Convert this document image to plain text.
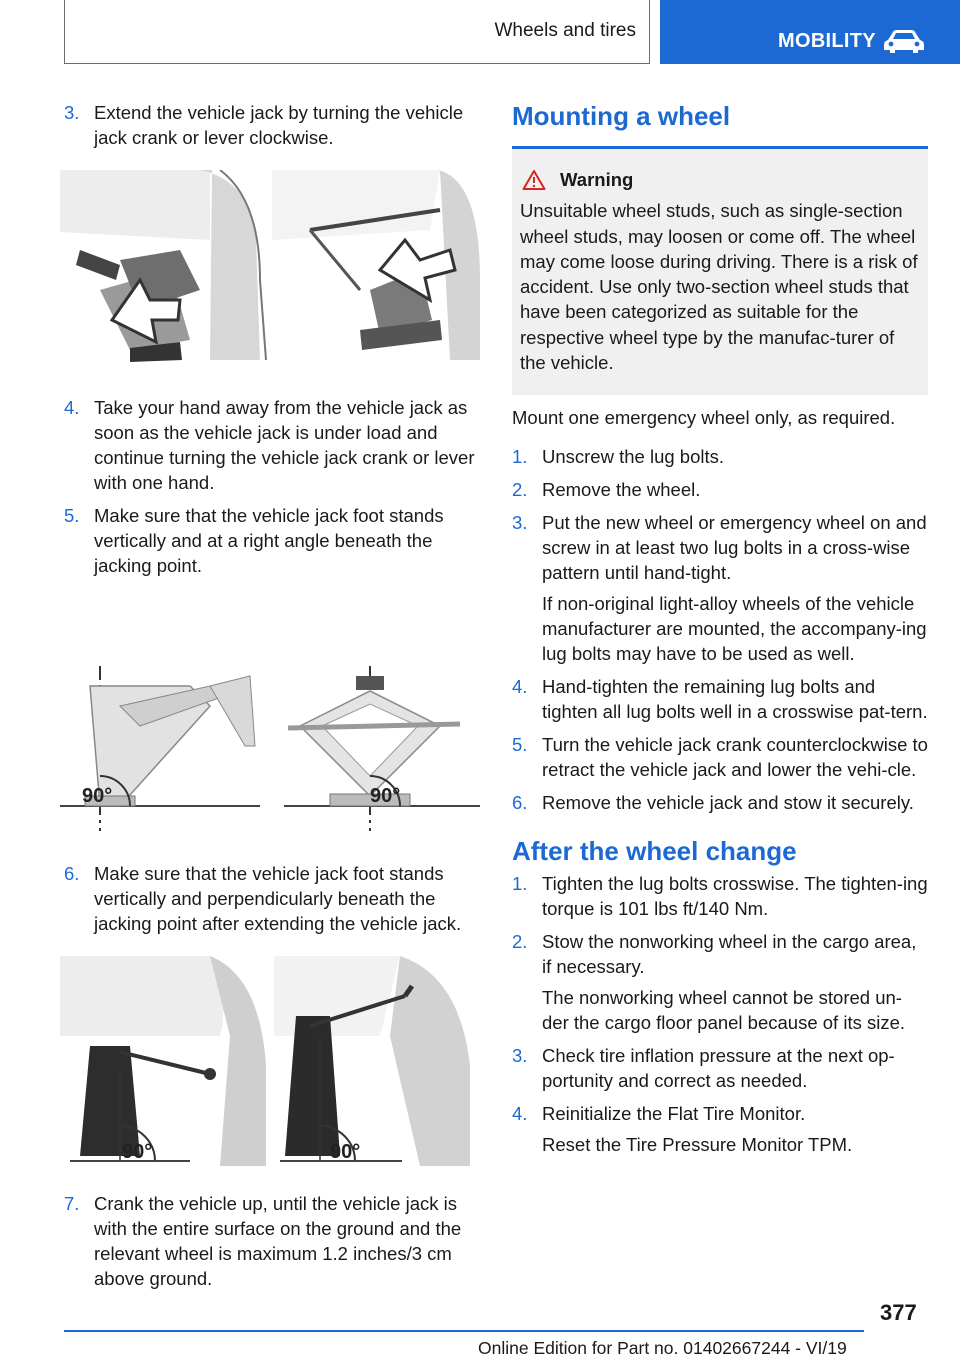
Wheels and tires	MOBILITY
3. Extend the vehicle jack by turning the vehicle jack crank or lever clockwise.
4. Take your hand away from the vehicle jack as soon as the vehicle jack is under load and continue turning the vehicle jack crank or lever with one hand.
5. Make sure that the vehicle jack foot stands vertically and at a right angle beneath the jacking point.
90°	90°
6. Make sure that the vehicle jack foot stands vertically and perpendicularly beneath the jacking point after extending the vehicle jack.
90°	90°
7. Crank the vehicle up, until the vehicle jack is with the entire surface on the ground and the relevant wheel is maximum 1.2 inches/3 cm above ground.
Mounting a wheel
Warning
Unsuitable wheel studs, such as single-section wheel studs, may loosen or come off. The wheel may come loose during driving. There is a risk of accident. Use only two-section wheel studs that have been categorized as suitable for the respective wheel type by the manufac-turer of the vehicle.
Mount one emergency wheel only, as required.
1. Unscrew the lug bolts.
2. Remove the wheel.
3. Put the new wheel or emergency wheel on and screw in at least two lug bolts in a cross-wise pattern until hand-tight.
If non-original light-alloy wheels of the vehicle manufacturer are mounted, the accompany-ing lug bolts may have to be used as well.
4. Hand-tighten the remaining lug bolts and tighten all lug bolts well in a crosswise pat-tern.
5. Turn the vehicle jack crank counterclockwise to retract the vehicle jack and lower the vehi-cle.
6. Remove the vehicle jack and stow it securely.
After the wheel change
1. Tighten the lug bolts crosswise. The tighten-ing torque is 101 lbs ft/140 Nm.
2. Stow the nonworking wheel in the cargo area, if necessary.
The nonworking wheel cannot be stored un-der the cargo floor panel because of its size.
3. Check tire inflation pressure at the next op-portunity and correct as needed.
4. Reinitialize the Flat Tire Monitor.
Reset the Tire Pressure Monitor TPM.
377
Online Edition for Part no. 01402667244 - VI/19
